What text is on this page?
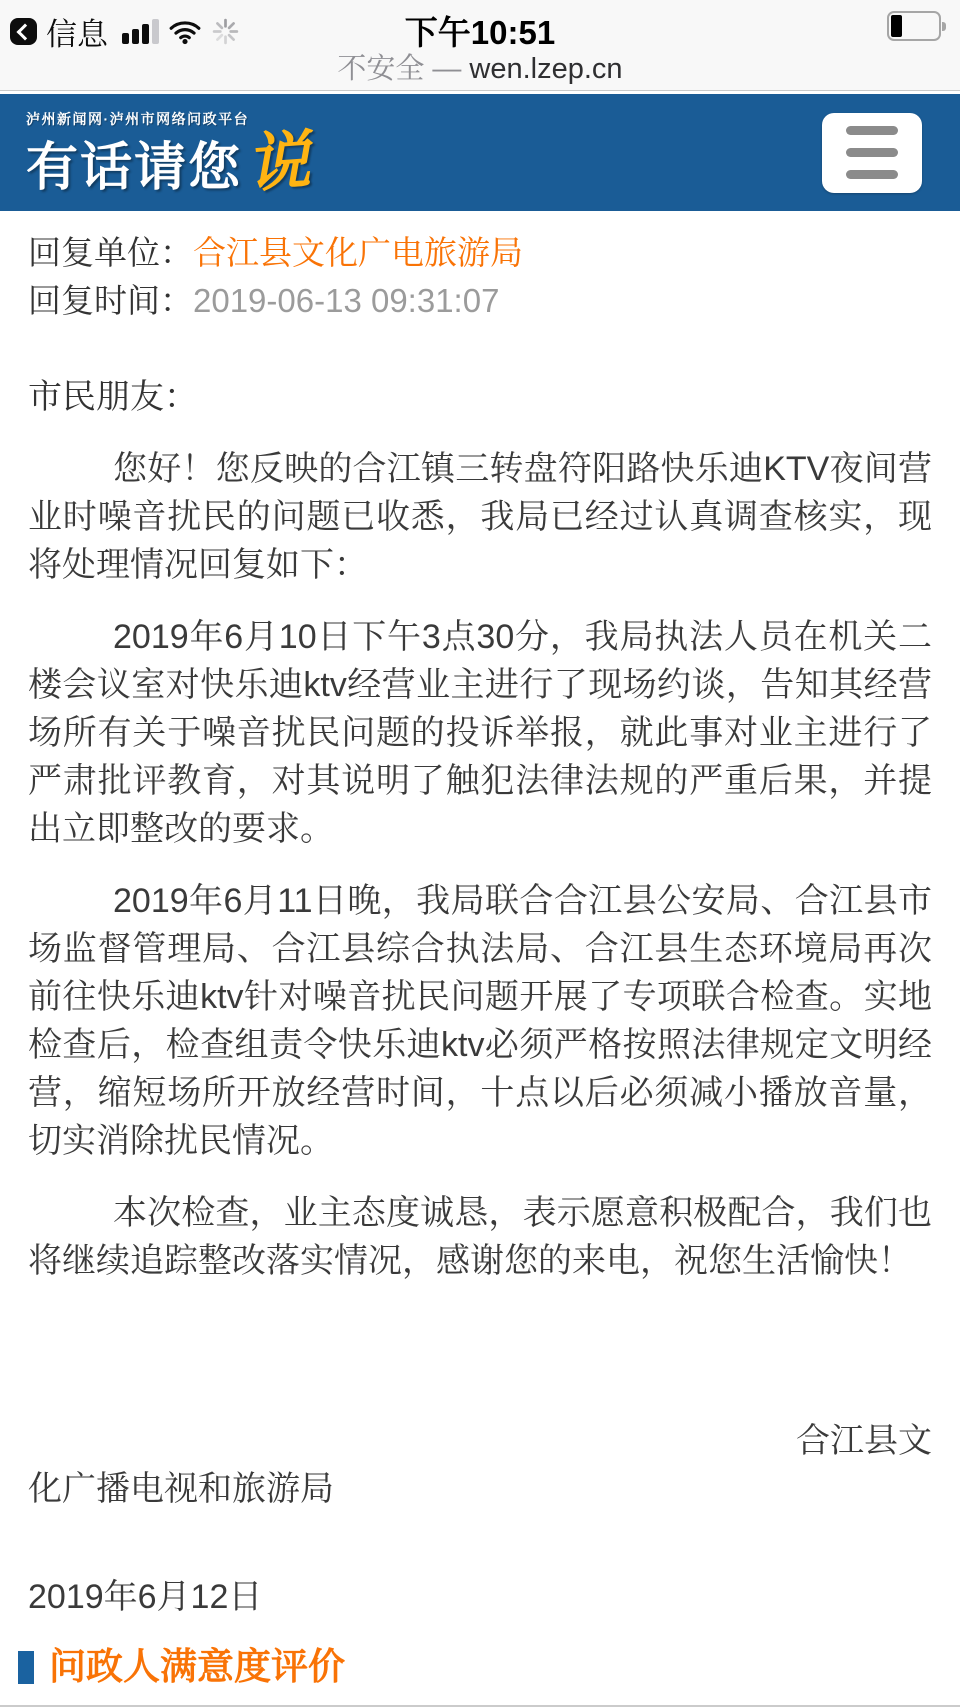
信息	下午10:51
不安全 — wen.lzep.cn
泸州新闻网·泸州市网络问政平台
有话请您 说
回复单位：合江县文化广电旅游局
回复时间：2019-06-13 09:31:07

市民朋友：

您好！您反映的合江镇三转盘符阳路快乐迪KTV夜间营业时噪音扰民的问题已收悉，我局已经过认真调查核实，现将处理情况回复如下：

2019年6月10日下午3点30分，我局执法人员在机关二楼会议室对快乐迪ktv经营业主进行了现场约谈，告知其经营场所有关于噪音扰民问题的投诉举报，就此事对业主进行了严肃批评教育，对其说明了触犯法律法规的严重后果，并提出立即整改的要求。

2019年6月11日晚，我局联合合江县公安局、合江县市场监督管理局、合江县综合执法局、合江县生态环境局再次前往快乐迪ktv针对噪音扰民问题开展了专项联合检查。实地检查后，检查组责令快乐迪ktv必须严格按照法律规定文明经营，缩短场所开放经营时间，十点以后必须减小播放音量，切实消除扰民情况。

本次检查，业主态度诚恳，表示愿意积极配合，我们也将继续追踪整改落实情况，感谢您的来电，祝您生活愉快！

合江县文
化广播电视和旅游局

2019年6月12日

问政人满意度评价
